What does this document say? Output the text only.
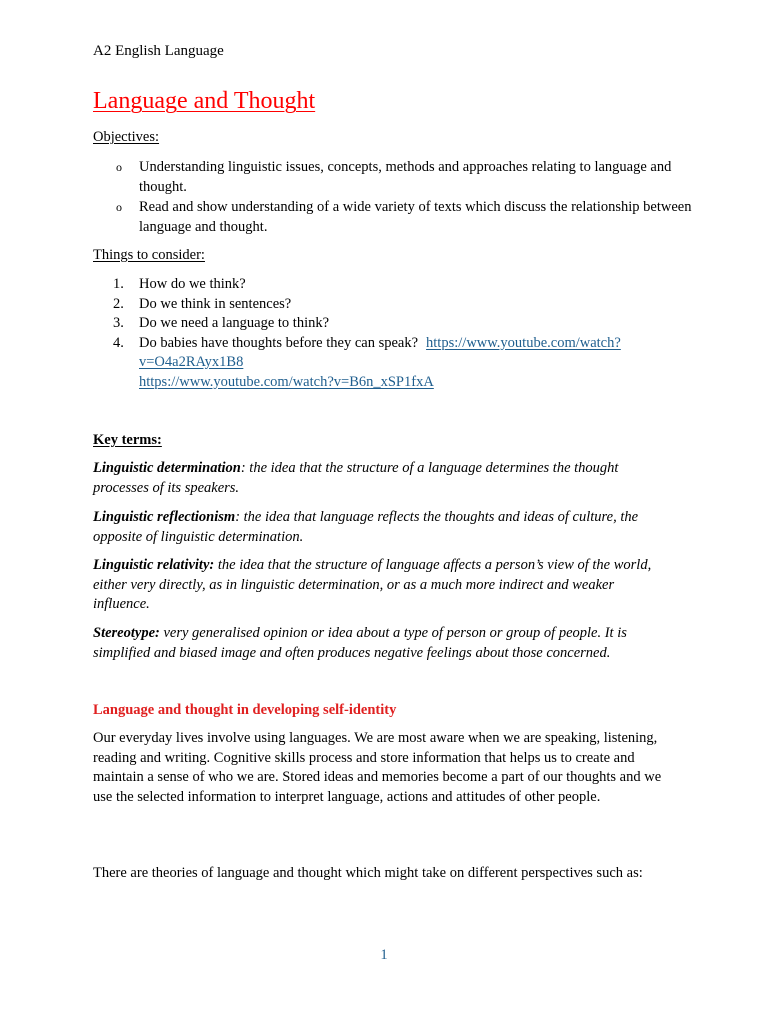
A2 English Language
Language and Thought
Objectives:
o Understanding linguistic issues, concepts, methods and approaches relating to language and thought.
o Read and show understanding of a wide variety of texts which discuss the relationship between language and thought.
Things to consider:
1. How do we think?
2. Do we think in sentences?
3. Do we need a language to think?
4. Do babies have thoughts before they can speak? https://www.youtube.com/watch?v=O4a2RAyx1B8
https://www.youtube.com/watch?v=B6n_xSP1fxA
Key terms:
Linguistic determination: the idea that the structure of a language determines the thought processes of its speakers.
Linguistic reflectionism: the idea that language reflects the thoughts and ideas of culture, the opposite of linguistic determination.
Linguistic relativity: the idea that the structure of language affects a person’s view of the world, either very directly, as in linguistic determination, or as a much more indirect and weaker influence.
Stereotype: very generalised opinion or idea about a type of person or group of people. It is simplified and biased image and often produces negative feelings about those concerned.
Language and thought in developing self-identity
Our everyday lives involve using languages. We are most aware when we are speaking, listening, reading and writing. Cognitive skills process and store information that helps us to create and maintain a sense of who we are. Stored ideas and memories become a part of our thoughts and we use the selected information to interpret language, actions and attitudes of other people.
There are theories of language and thought which might take on different perspectives such as:
1
